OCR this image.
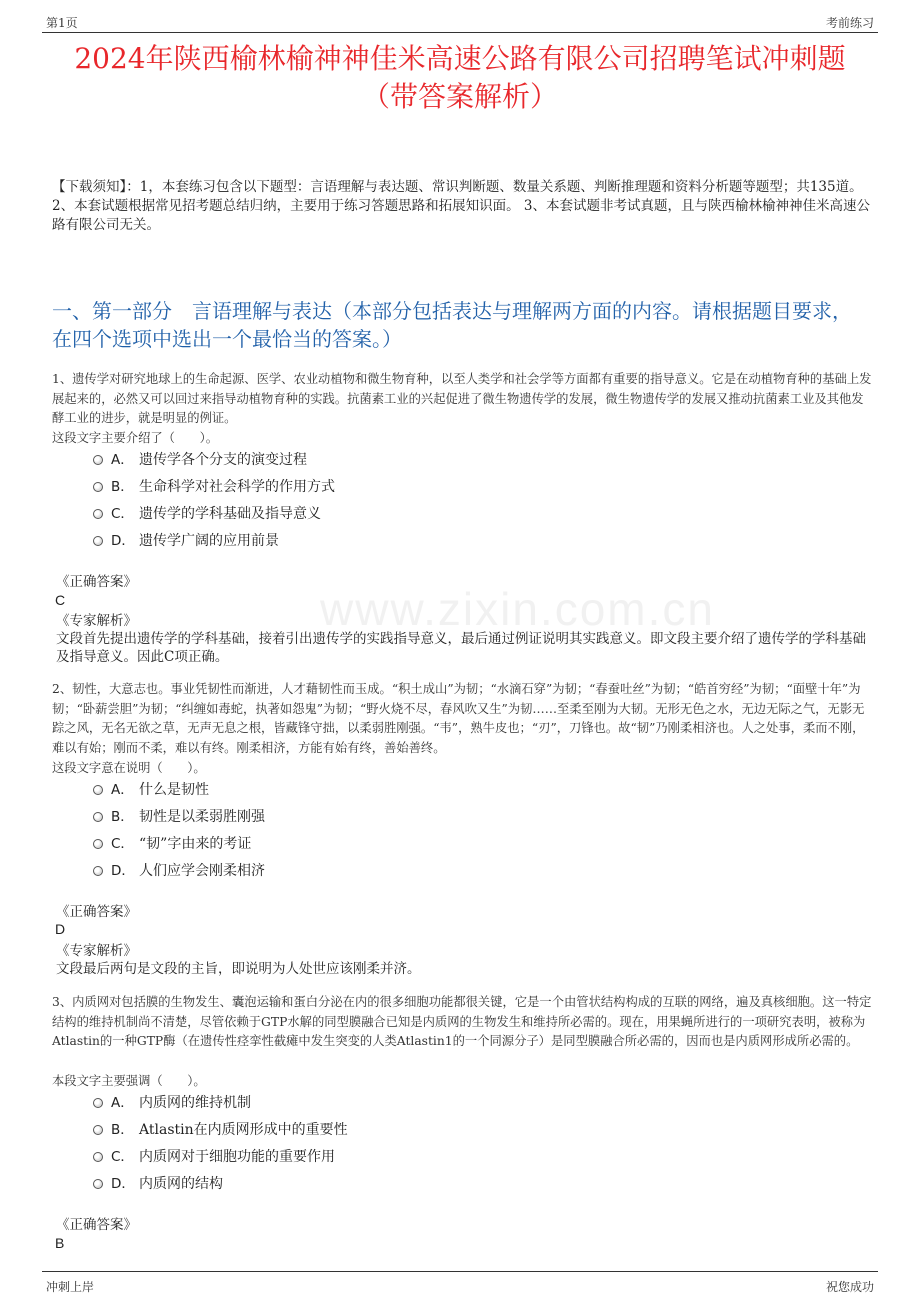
第1页	考前练习
www.zixin.com.cn
2024年陕西榆林榆神神佳米高速公路有限公司招聘笔试冲刺题
（带答案解析）
【下载须知】：1，本套练习包含以下题型：言语理解与表达题、常识判断题、数量关系题、判断推理题和资料分析题等题型；共135道。 2、本套试题根据常见招考题总结归纳，主要用于练习答题思路和拓展知识面。 3、本套试题非考试真题，且与陕西榆林榆神神佳米高速公路有限公司无关。
一、第一部分　言语理解与表达（本部分包括表达与理解两方面的内容。请根据题目要求，在四个选项中选出一个最恰当的答案。）
1、遗传学对研究地球上的生命起源、医学、农业动植物和微生物育种，以至人类学和社会学等方面都有重要的指导意义。它是在动植物育种的基础上发展起来的，必然又可以回过来指导动植物育种的实践。抗菌素工业的兴起促进了微生物遗传学的发展，微生物遗传学的发展又推动抗菌素工业及其他发酵工业的进步，就是明显的例证。
这段文字主要介绍了（　　）。
A． 遗传学各个分支的演变过程
B． 生命科学对社会科学的作用方式
C． 遗传学的学科基础及指导意义
D． 遗传学广阔的应用前景
《正确答案》
C
《专家解析》
文段首先提出遗传学的学科基础，接着引出遗传学的实践指导意义，最后通过例证说明其实践意义。即文段主要介绍了遗传学的学科基础及指导意义。因此C项正确。
2、韧性，大意志也。事业凭韧性而渐进，人才藉韧性而玉成。“积土成山”为韧；“水滴石穿”为韧；“春蚕吐丝”为韧；“皓首穷经”为韧；“面壁十年”为韧；“卧薪尝胆”为韧；“纠缠如毒蛇，执著如怨鬼”为韧；“野火烧不尽，春风吹又生”为韧……至柔至刚为大韧。无形无色之水，无边无际之气，无影无踪之风，无名无欲之草，无声无息之根，皆藏锋守拙，以柔弱胜刚强。“韦”，熟牛皮也；“刃”，刀锋也。故“韧”乃刚柔相济也。人之处事，柔而不刚，难以有始；刚而不柔，难以有终。刚柔相济，方能有始有终，善始善终。
这段文字意在说明（　　）。
A． 什么是韧性
B． 韧性是以柔弱胜刚强
C． “韧”字由来的考证
D． 人们应学会刚柔相济
《正确答案》
D
《专家解析》
文段最后两句是文段的主旨，即说明为人处世应该刚柔并济。
3、内质网对包括膜的生物发生、囊泡运输和蛋白分泌在内的很多细胞功能都很关键，它是一个由管状结构构成的互联的网络，遍及真核细胞。这一特定结构的维持机制尚不清楚，尽管依赖于GTP水解的同型膜融合已知是内质网的生物发生和维持所必需的。现在，用果蝇所进行的一项研究表明，被称为Atlastin的一种GTP酶（在遗传性痉挛性截瘫中发生突变的人类Atlastin1的一个同源分子）是同型膜融合所必需的，因而也是内质网形成所必需的。
本段文字主要强调（　　）。
A． 内质网的维持机制
B． Atlastin在内质网形成中的重要性
C． 内质网对于细胞功能的重要作用
D． 内质网的结构
《正确答案》
B
冲刺上岸	祝您成功
